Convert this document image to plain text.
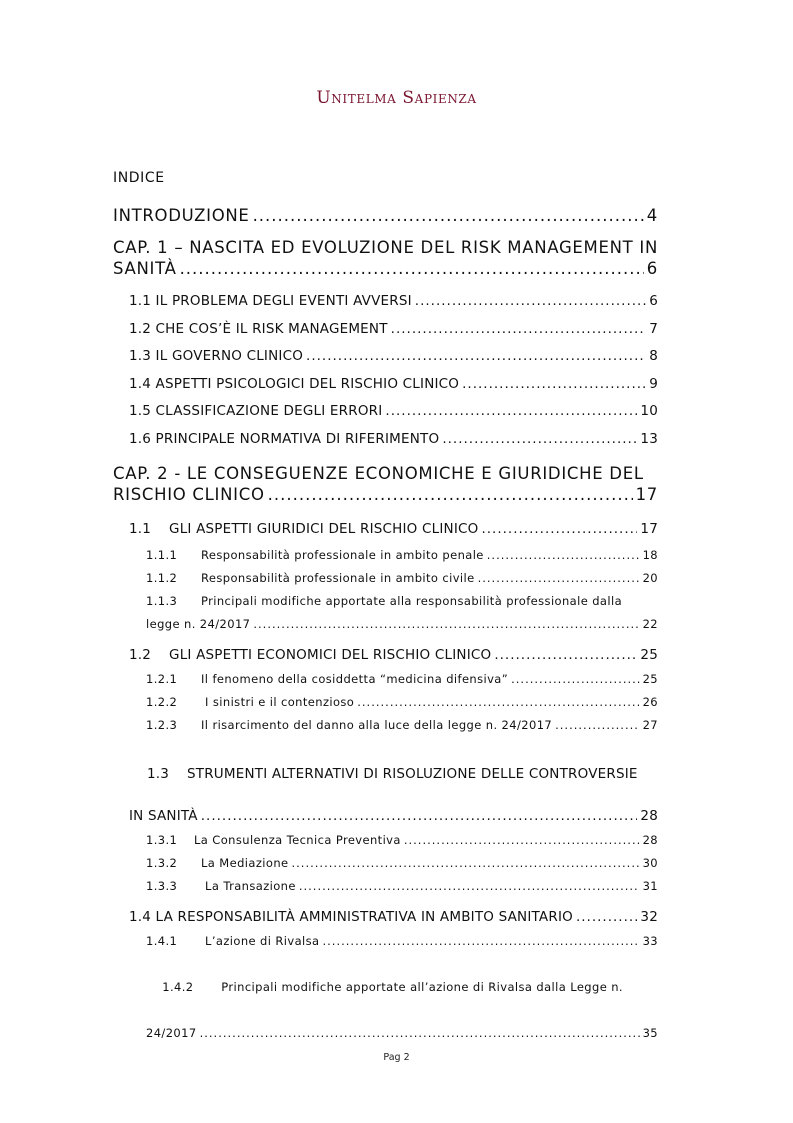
Unitelma Sapienza
INDICE
INTRODUZIONE .....	4
CAP. 1 – NASCITA ED EVOLUZIONE DEL RISK MANAGEMENT IN
SANITÀ .....	6
1.1 IL PROBLEMA DEGLI EVENTI AVVERSI .....	6
1.2 CHE COS’È IL RISK MANAGEMENT .....	7
1.3 IL GOVERNO CLINICO .....	8
1.4 ASPETTI PSICOLOGICI DEL RISCHIO CLINICO .....	9
1.5 CLASSIFICAZIONE DEGLI ERRORI .....	10
1.6 PRINCIPALE NORMATIVA DI RIFERIMENTO .....	13
CAP. 2 - LE CONSEGUENZE ECONOMICHE E GIURIDICHE DEL
RISCHIO CLINICO .....	17
1.1    GLI ASPETTI GIURIDICI DEL RISCHIO CLINICO .....	17
1.1.1 Responsabilità professionale in ambito penale .....	18
1.1.2 Responsabilità professionale in ambito civile .....	20
1.1.3 Principali modifiche apportate alla responsabilità professionale dalla
legge n. 24/2017 .....	22
1.2    GLI ASPETTI ECONOMICI DEL RISCHIO CLINICO .....	25
1.2.1 Il fenomeno della cosiddetta “medicina difensiva” .....	25
1.2.2 I sinistri e il contenzioso .....	26
1.2.3 Il risarcimento del danno alla luce della legge n. 24/2017 .....	27

1.3    STRUMENTI ALTERNATIVI DI RISOLUZIONE DELLE CONTROVERSIE

IN SANITÀ .....	28
1.3.1 La Consulenza Tecnica Preventiva .....	28
1.3.2 La Mediazione .....	30
1.3.3 La Transazione .....	31
1.4 LA RESPONSABILITÀ AMMINISTRATIVA IN AMBITO SANITARIO .....	32
1.4.1 L’azione di Rivalsa .....	33

1.4.2 Principali modifiche apportate all’azione di Rivalsa dalla Legge n.

24/2017 .....	35
Pag 2
